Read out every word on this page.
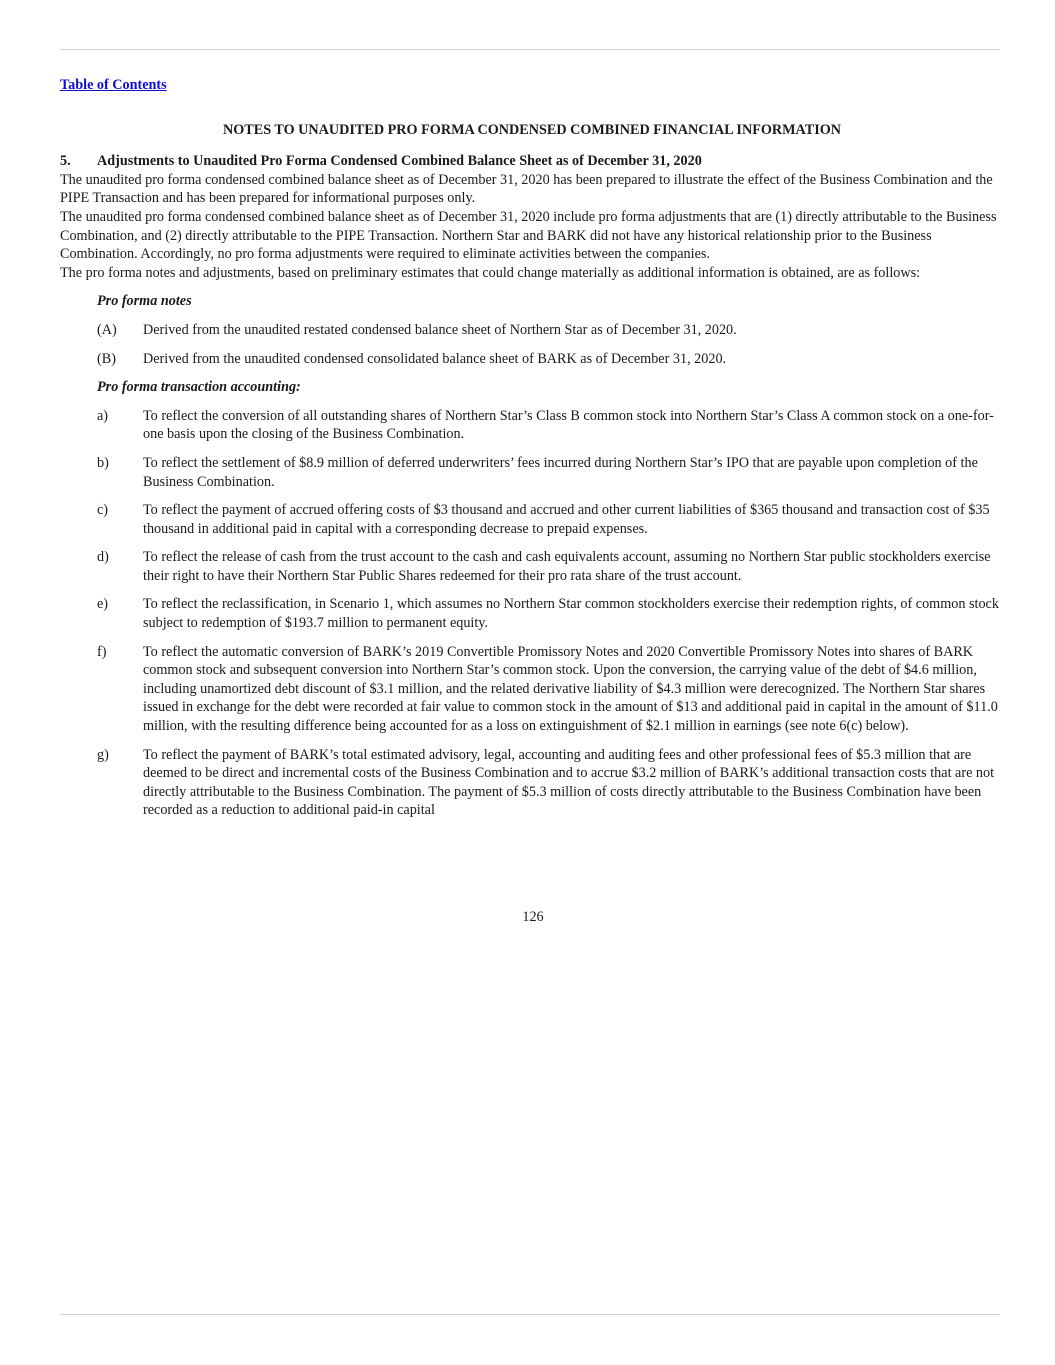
Table of Contents
NOTES TO UNAUDITED PRO FORMA CONDENSED COMBINED FINANCIAL INFORMATION
5.	Adjustments to Unaudited Pro Forma Condensed Combined Balance Sheet as of December 31, 2020

The unaudited pro forma condensed combined balance sheet as of December 31, 2020 has been prepared to illustrate the effect of the Business Combination and the PIPE Transaction and has been prepared for informational purposes only.

The unaudited pro forma condensed combined balance sheet as of December 31, 2020 include pro forma adjustments that are (1) directly attributable to the Business Combination, and (2) directly attributable to the PIPE Transaction. Northern Star and BARK did not have any historical relationship prior to the Business Combination. Accordingly, no pro forma adjustments were required to eliminate activities between the companies.

The pro forma notes and adjustments, based on preliminary estimates that could change materially as additional information is obtained, are as follows:

Pro forma notes
(A)	Derived from the unaudited restated condensed balance sheet of Northern Star as of December 31, 2020.
(B)	Derived from the unaudited condensed consolidated balance sheet of BARK as of December 31, 2020.
Pro forma transaction accounting:
a)	To reflect the conversion of all outstanding shares of Northern Star’s Class B common stock into Northern Star’s Class A common stock on a one-for-one basis upon the closing of the Business Combination.
b)	To reflect the settlement of $8.9 million of deferred underwriters’ fees incurred during Northern Star’s IPO that are payable upon completion of the Business Combination.
c)	To reflect the payment of accrued offering costs of $3 thousand and accrued and other current liabilities of $365 thousand and transaction cost of $35 thousand in additional paid in capital with a corresponding decrease to prepaid expenses.
d)	To reflect the release of cash from the trust account to the cash and cash equivalents account, assuming no Northern Star public stockholders exercise their right to have their Northern Star Public Shares redeemed for their pro rata share of the trust account.
e)	To reflect the reclassification, in Scenario 1, which assumes no Northern Star common stockholders exercise their redemption rights, of common stock subject to redemption of $193.7 million to permanent equity.
f)	To reflect the automatic conversion of BARK’s 2019 Convertible Promissory Notes and 2020 Convertible Promissory Notes into shares of BARK common stock and subsequent conversion into Northern Star’s common stock. Upon the conversion, the carrying value of the debt of $4.6 million, including unamortized debt discount of $3.1 million, and the related derivative liability of $4.3 million were derecognized. The Northern Star shares issued in exchange for the debt were recorded at fair value to common stock in the amount of $13 and additional paid in capital in the amount of $11.0 million, with the resulting difference being accounted for as a loss on extinguishment of $2.1 million in earnings (see note 6(c) below).
g)	To reflect the payment of BARK’s total estimated advisory, legal, accounting and auditing fees and other professional fees of $5.3 million that are deemed to be direct and incremental costs of the Business Combination and to accrue $3.2 million of BARK’s additional transaction costs that are not directly attributable to the Business Combination. The payment of $5.3 million of costs directly attributable to the Business Combination have been recorded as a reduction to additional paid-in capital
126
